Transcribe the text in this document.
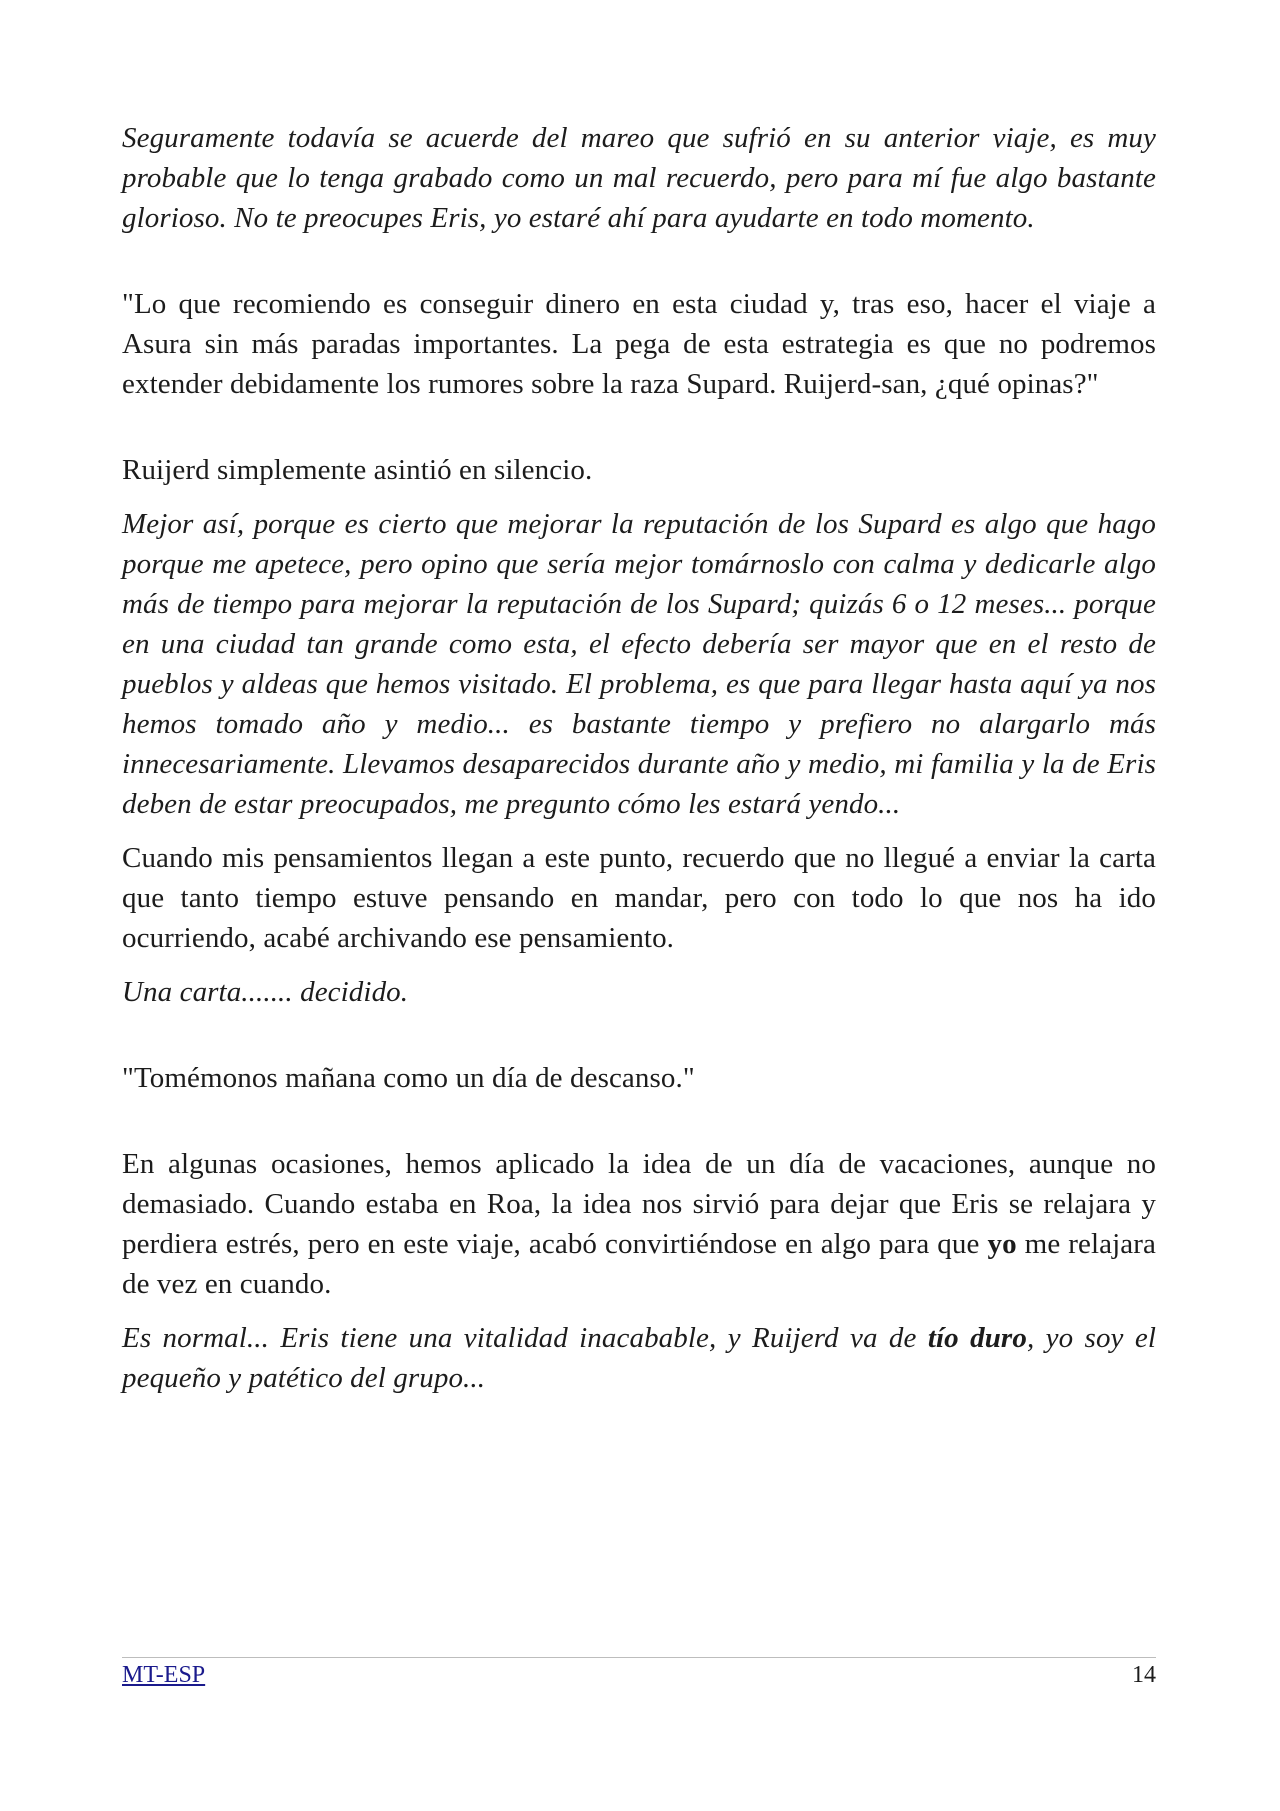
Seguramente todavía se acuerde del mareo que sufrió en su anterior viaje, es muy probable que lo tenga grabado como un mal recuerdo, pero para mí fue algo bastante glorioso. No te preocupes Eris, yo estaré ahí para ayudarte en todo momento.

"Lo que recomiendo es conseguir dinero en esta ciudad y, tras eso, hacer el viaje a Asura sin más paradas importantes. La pega de esta estrategia es que no podremos extender debidamente los rumores sobre la raza Supard. Ruijerd-san, ¿qué opinas?"

Ruijerd simplemente asintió en silencio.

Mejor así, porque es cierto que mejorar la reputación de los Supard es algo que hago porque me apetece, pero opino que sería mejor tomárnoslo con calma y dedicarle algo más de tiempo para mejorar la reputación de los Supard; quizás 6 o 12 meses... porque en una ciudad tan grande como esta, el efecto debería ser mayor que en el resto de pueblos y aldeas que hemos visitado. El problema, es que para llegar hasta aquí ya nos hemos tomado año y medio... es bastante tiempo y prefiero no alargarlo más innecesariamente. Llevamos desaparecidos durante año y medio, mi familia y la de Eris deben de estar preocupados, me pregunto cómo les estará yendo...

Cuando mis pensamientos llegan a este punto, recuerdo que no llegué a enviar la carta que tanto tiempo estuve pensando en mandar, pero con todo lo que nos ha ido ocurriendo, acabé archivando ese pensamiento.

Una carta....... decidido.

"Tomémonos mañana como un día de descanso."

En algunas ocasiones, hemos aplicado la idea de un día de vacaciones, aunque no demasiado. Cuando estaba en Roa, la idea nos sirvió para dejar que Eris se relajara y perdiera estrés, pero en este viaje, acabó convirtiéndose en algo para que yo me relajara de vez en cuando.

Es normal... Eris tiene una vitalidad inacabable, y Ruijerd va de tío duro, yo soy el pequeño y patético del grupo...

MT-ESP	14
